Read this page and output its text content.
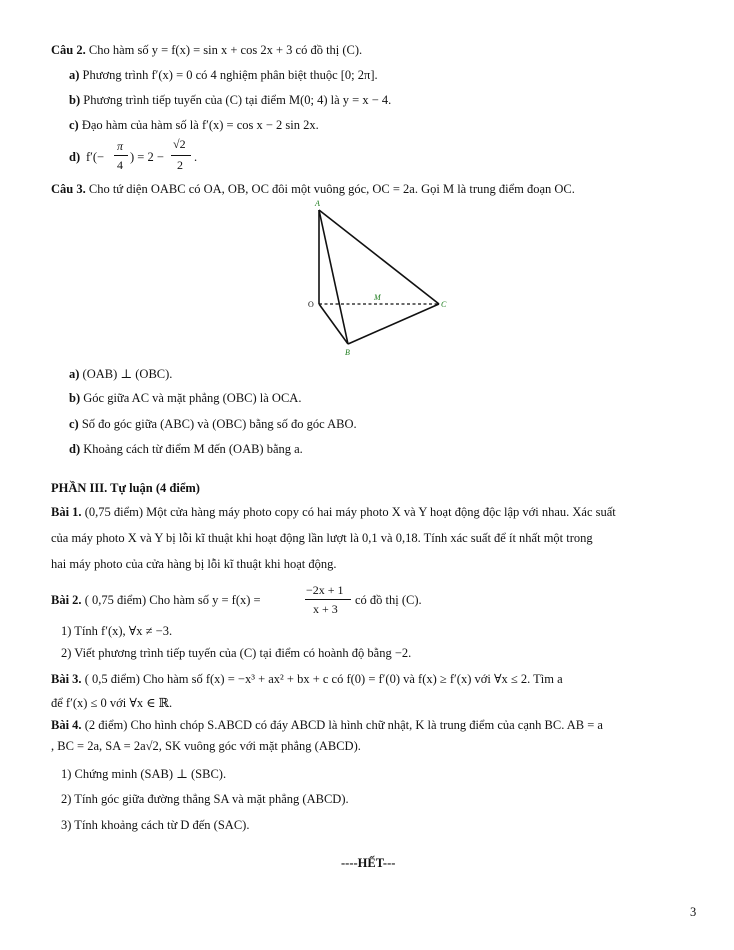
Câu 2. Cho hàm số y = f(x) = sin x + cos 2x + 3 có đồ thị (C).
a) Phương trình f′(x) = 0 có 4 nghiệm phân biệt thuộc [0; 2π].
b) Phương trình tiếp tuyến của (C) tại điểm M(0; 4) là y = x − 4.
c) Đạo hàm của hàm số là f′(x) = cos x − 2 sin 2x.
d) f′(−
π
4
) = 2 −
√2
2
.
Câu 3. Cho tứ diện OABC có OA, OB, OC đôi một vuông góc, OC = 2a. Gọi M là trung điểm đoạn OC.
A
O
M
C
B
a) (OAB) ⊥ (OBC).
b) Góc giữa AC và mặt phẳng (OBC) là OCA.
c) Số đo góc giữa (ABC) và (OBC) bằng số đo góc ABO.
d) Khoảng cách từ điểm M đến (OAB) bằng a.
PHẦN III. Tự luận (4 điểm)
Bài 1. (0,75 điểm) Một cửa hàng máy photo copy có hai máy photo X và Y hoạt động độc lập với nhau. Xác suất
của máy photo X và Y bị lỗi kĩ thuật khi hoạt động lần lượt là 0,1 và 0,18. Tính xác suất để ít nhất một trong
hai máy photo của cửa hàng bị lỗi kĩ thuật khi hoạt động.
Bài 2. ( 0,75 điểm) Cho hàm số y = f(x) =
−2x + 1
x + 3
có đồ thị (C).
1) Tính f′(x), ∀x ≠ −3.
2) Viết phương trình tiếp tuyến của (C) tại điểm có hoành độ bằng −2.
Bài 3. ( 0,5 điểm) Cho hàm số f(x) = −x³ + ax² + bx + c có f(0) = f′(0) và f(x) ≥ f′(x) với ∀x ≤ 2. Tìm a
để f′(x) ≤ 0 với ∀x ∈ ℝ.
Bài 4. (2 điểm) Cho hình chóp S.ABCD có đáy ABCD là hình chữ nhật, K là trung điểm của cạnh BC. AB = a
, BC = 2a, SA = 2a√2, SK vuông góc với mặt phẳng (ABCD).
1) Chứng minh (SAB) ⊥ (SBC).
2) Tính góc giữa đường thẳng SA và mặt phẳng (ABCD).
3) Tính khoảng cách từ D đến (SAC).
----HẾT---
3
